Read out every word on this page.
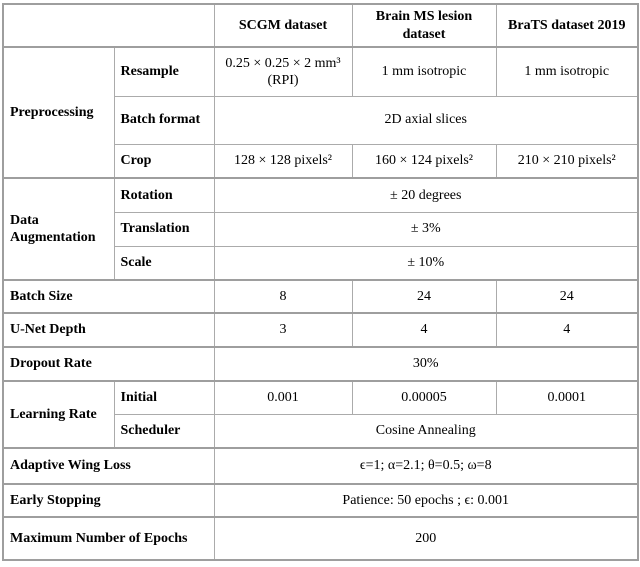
		SCGM dataset	Brain MS lesion dataset	BraTS dataset 2019
Preprocessing	Resample	0.25 × 0.25 × 2 mm³ (RPI)	1 mm isotropic	1 mm isotropic
	Batch format	2D axial slices		
	Crop	128 × 128 pixels²	160 × 124 pixels²	210 × 210 pixels²
Data Augmentation	Rotation	± 20 degrees		
	Translation	± 3%		
	Scale	± 10%		
Batch Size		8	24	24
U-Net Depth		3	4	4
Dropout Rate		30%		
Learning Rate	Initial	0.001	0.00005	0.0001
	Scheduler	Cosine Annealing		
Adaptive Wing Loss		ϵ=1; α=2.1; θ=0.5; ω=8		
Early Stopping		Patience: 50 epochs ; ϵ: 0.001		
Maximum Number of Epochs		200		
